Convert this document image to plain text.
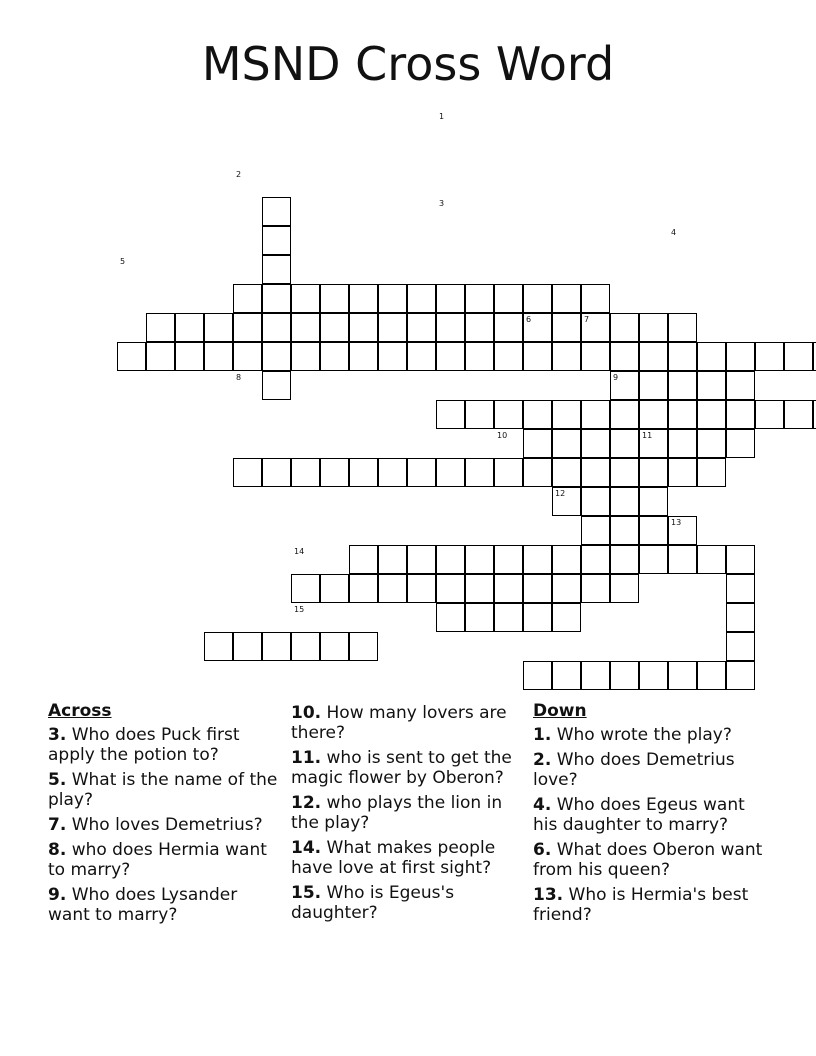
MSND Cross Word
1
2
3
4
5
6	7
8	9
10	11
12
13
14
15
Across
3. Who does Puck first apply the potion to?
5. What is the name of the play?
7. Who loves Demetrius?
8. who does Hermia want to marry?
9. Who does Lysander want to marry?
10. How many lovers are there?
11. who is sent to get the magic flower by Oberon?
12. who plays the lion in the play?
14. What makes people have love at first sight?
15. Who is Egeus's daughter?
Down
1. Who wrote the play?
2. Who does Demetrius love?
4. Who does Egeus want his daughter to marry?
6. What does Oberon want from his queen?
13. Who is Hermia's best friend?
